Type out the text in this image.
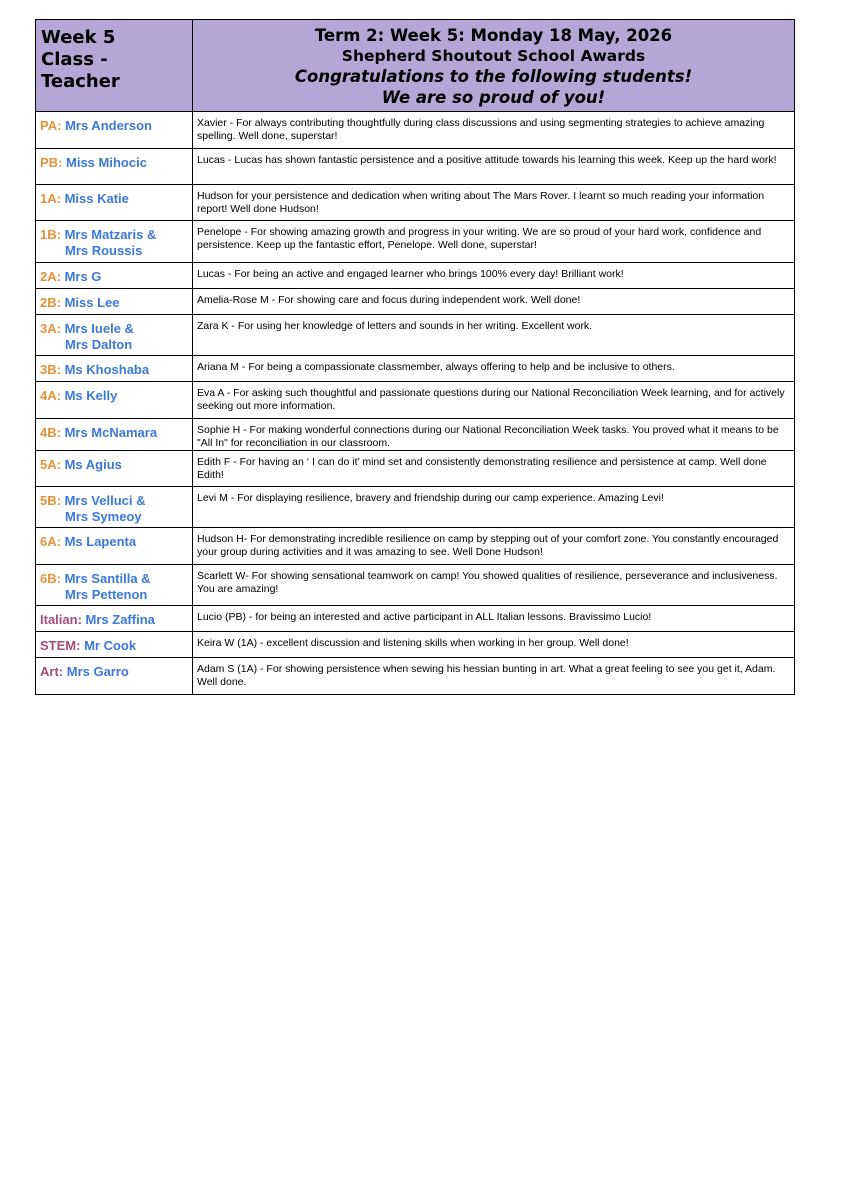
Week 5
Class - Teacher	Term 2: Week 5: Monday 18 May, 2026
Shepherd Shoutout School Awards
Congratulations to the following students!
We are so proud of you!

PA: Mrs Anderson	Xavier - For always contributing thoughtfully during class discussions and using segmenting strategies to achieve amazing spelling. Well done, superstar!

PB: Miss Mihocic	Lucas - Lucas has shown fantastic persistence and a positive attitude towards his learning this week. Keep up the hard work!

1A: Miss Katie	Hudson for your persistence and dedication when writing about The Mars Rover. I learnt so much reading your information report! Well done Hudson!

1B: Mrs Matzaris &
Mrs Roussis	Penelope - For showing amazing growth and progress in your writing. We are so proud of your hard work, confidence and persistence. Keep up the fantastic effort, Penelope. Well done, superstar!

2A: Mrs G	Lucas - For being an active and engaged learner who brings 100% every day! Brilliant work!

2B: Miss Lee	Amelia-Rose M - For showing care and focus during independent work. Well done!

3A: Mrs Iuele &
Mrs Dalton	Zara K - For using her knowledge of letters and sounds in her writing. Excellent work.

3B: Ms Khoshaba	Ariana M - For being a compassionate classmember, always offering to help and be inclusive to others.

4A: Ms Kelly	Eva A - For asking such thoughtful and passionate questions during our National Reconciliation Week learning, and for actively seeking out more information.

4B: Mrs McNamara	Sophie H - For making wonderful connections during our National Reconciliation Week tasks. You proved what it means to be "All In" for reconciliation in our classroom.

5A: Ms Agius	Edith F - For having an ‘ I can do it’ mind set and consistently demonstrating resilience and persistence at camp. Well done Edith!

5B: Mrs Velluci &
Mrs Symeoy	Levi M - For displaying resilience, bravery and friendship during our camp experience. Amazing Levi!

6A: Ms Lapenta	Hudson H- For demonstrating incredible resilience on camp by stepping out of your comfort zone. You constantly encouraged your group during activities and it was amazing to see. Well Done Hudson!

6B: Mrs Santilla &
Mrs Pettenon	Scarlett W- For showing sensational teamwork on camp! You showed qualities of resilience, perseverance and inclusiveness. You are amazing!

Italian: Mrs Zaffina	Lucio (PB) - for being an interested and active participant in ALL Italian lessons. Bravissimo Lucio!

STEM: Mr Cook	Keira W (1A) - excellent discussion and listening skills when working in her group. Well done!

Art: Mrs Garro	Adam S (1A) - For showing persistence when sewing his hessian bunting in art. What a great feeling to see you get it, Adam. Well done.
